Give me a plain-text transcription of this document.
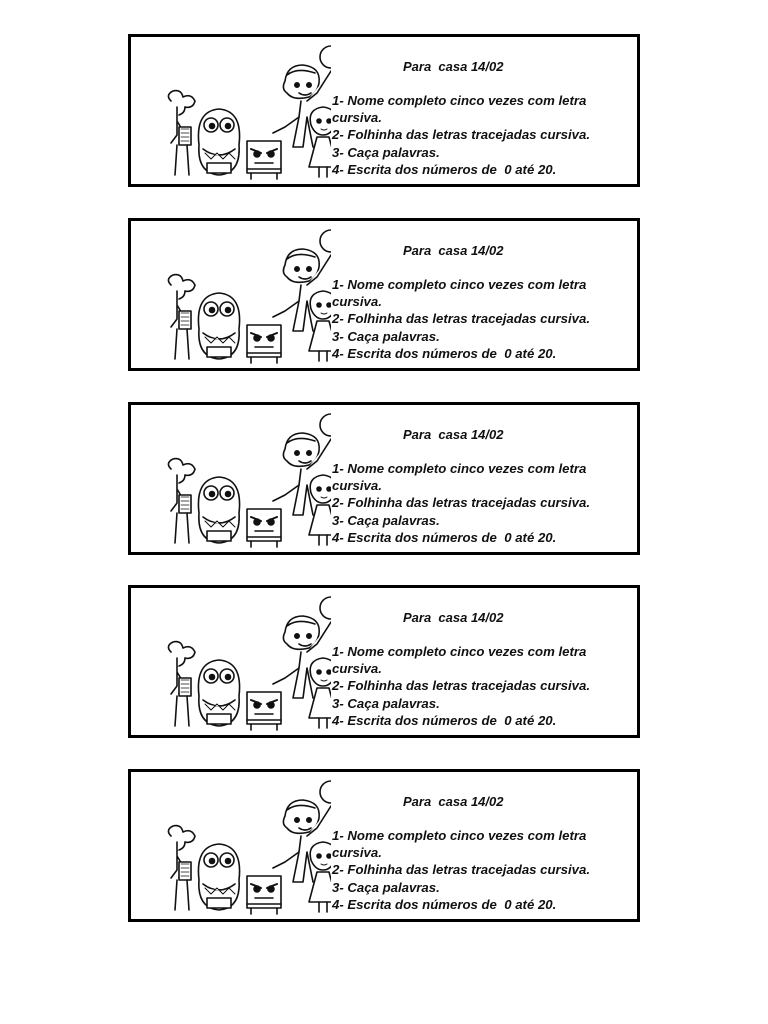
Para  casa 14/02
1- Nome completo cinco vezes com letra
cursiva.
2- Folhinha das letras tracejadas cursiva.
3- Caça palavras.
4- Escrita dos números de  0 até 20.
Para  casa 14/02
1- Nome completo cinco vezes com letra
cursiva.
2- Folhinha das letras tracejadas cursiva.
3- Caça palavras.
4- Escrita dos números de  0 até 20.
Para  casa 14/02
1- Nome completo cinco vezes com letra
cursiva.
2- Folhinha das letras tracejadas cursiva.
3- Caça palavras.
4- Escrita dos números de  0 até 20.
Para  casa 14/02
1- Nome completo cinco vezes com letra
cursiva.
2- Folhinha das letras tracejadas cursiva.
3- Caça palavras.
4- Escrita dos números de  0 até 20.
Para  casa 14/02
1- Nome completo cinco vezes com letra
cursiva.
2- Folhinha das letras tracejadas cursiva.
3- Caça palavras.
4- Escrita dos números de  0 até 20.
